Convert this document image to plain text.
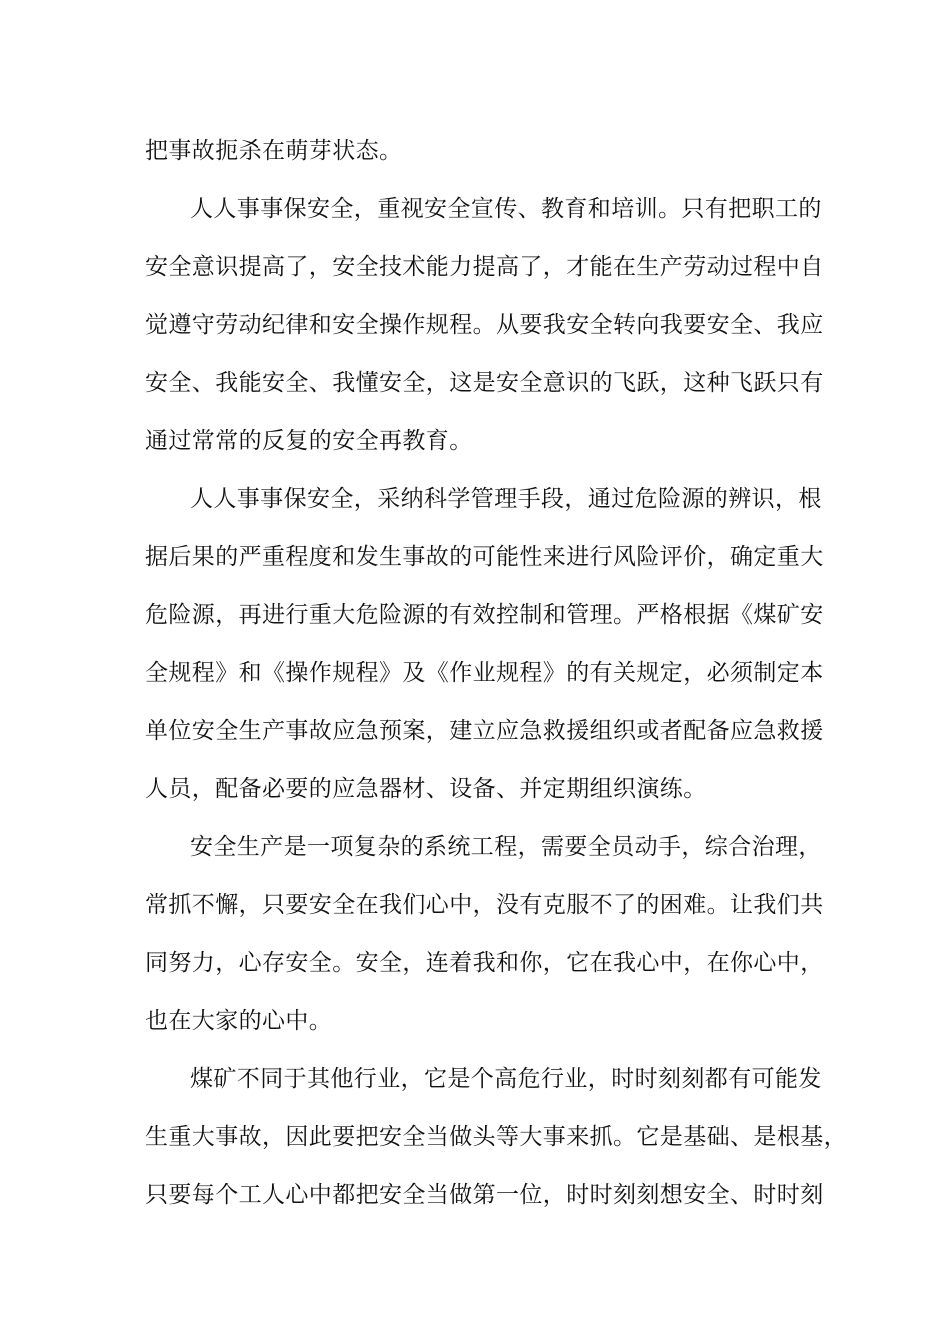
把事故扼杀在萌芽状态。
人人事事保安全，重视安全宣传、教育和培训。只有把职工的
安全意识提高了，安全技术能力提高了，才能在生产劳动过程中自
觉遵守劳动纪律和安全操作规程。从要我安全转向我要安全、我应
安全、我能安全、我懂安全，这是安全意识的飞跃，这种飞跃只有
通过常常的反复的安全再教育。
人人事事保安全，采纳科学管理手段，通过危险源的辨识，根
据后果的严重程度和发生事故的可能性来进行风险评价，确定重大
危险源，再进行重大危险源的有效控制和管理。严格根据《煤矿安
全规程》和《操作规程》及《作业规程》的有关规定，必须制定本
单位安全生产事故应急预案，建立应急救援组织或者配备应急救援
人员，配备必要的应急器材、设备、并定期组织演练。
安全生产是一项复杂的系统工程，需要全员动手，综合治理，
常抓不懈，只要安全在我们心中，没有克服不了的困难。让我们共
同努力，心存安全。安全，连着我和你，它在我心中，在你心中，
也在大家的心中。
煤矿不同于其他行业，它是个高危行业，时时刻刻都有可能发
生重大事故，因此要把安全当做头等大事来抓。它是基础、是根基，
只要每个工人心中都把安全当做第一位，时时刻刻想安全、时时刻
